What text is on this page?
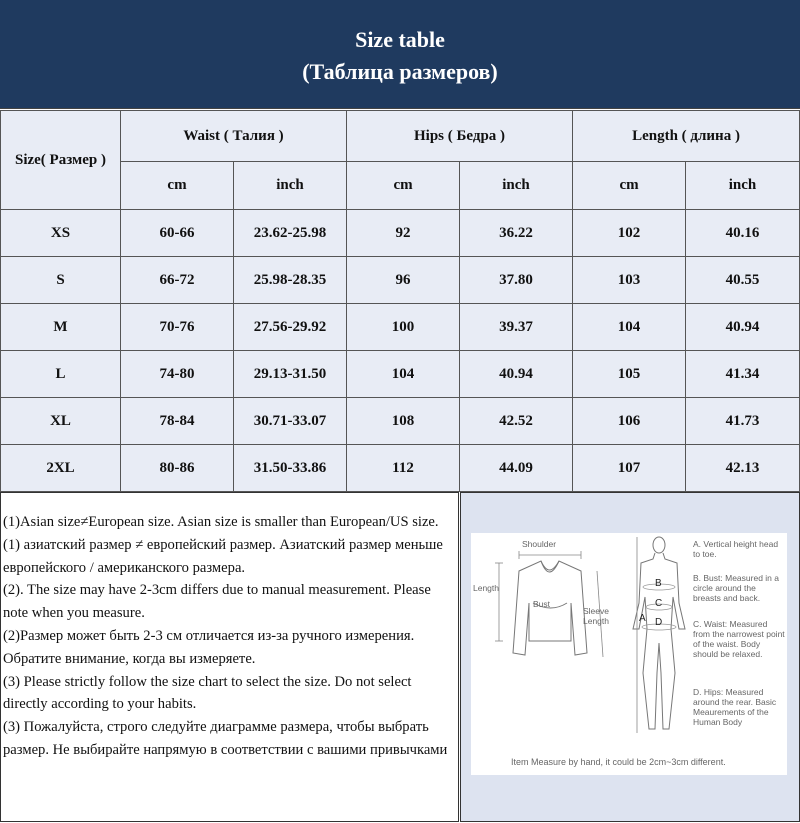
Size table
(Таблица размеров)
Size( Размер )	Waist ( Талия )		Hips ( Бедра )		Length ( длина )	
	cm	inch	cm	inch	cm	inch
XS	60-66	23.62-25.98	92	36.22	102	40.16
S	66-72	25.98-28.35	96	37.80	103	40.55
M	70-76	27.56-29.92	100	39.37	104	40.94
L	74-80	29.13-31.50	104	40.94	105	41.34
XL	78-84	30.71-33.07	108	42.52	106	41.73
2XL	80-86	31.50-33.86	112	44.09	107	42.13

(1)Asian size≠European size. Asian size is smaller than European/US size.

(1) азиатский размер ≠ европейский размер. Азиатский размер меньше европейского / американского размера.

(2). The size may have 2-3cm differs due to manual measurement. Please note when you measure.

(2)Размер может быть 2-3 см отличается из-за ручного измерения. Обратите внимание, когда вы измеряете.

(3) Please strictly follow the size chart to select the size. Do not select directly according to your habits.

(3) Пожалуйста, строго следуйте диаграмме размера, чтобы выбрать размер. Не выбирайте напрямую в соответствии с вашими привычками

Shoulder
Length
Bust
Sleeve
Length	A
B
C
D
A. Vertical height head to toe.
B. Bust: Measured in a circle around the breasts and back.
C. Waist: Measured from the narrowest point of the waist. Body should be relaxed.
D. Hips: Measured around the rear. Basic Meaurements of the Human Body
Item Measure by hand, it could be 2cm~3cm different.
